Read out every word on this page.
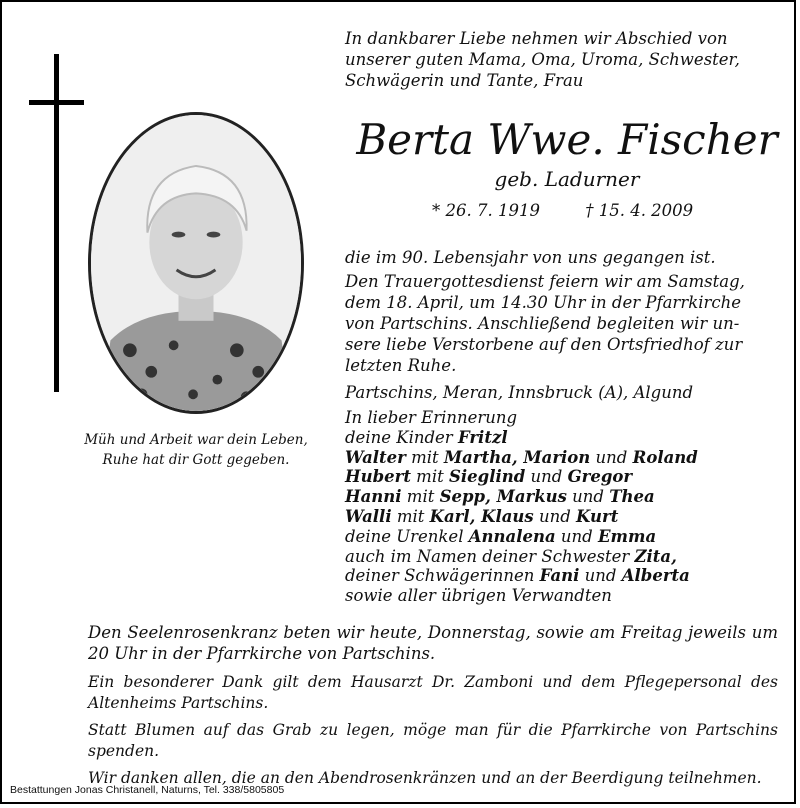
Müh und Arbeit war dein Leben,
Ruhe hat dir Gott gegeben.
In dankbarer Liebe nehmen wir Abschied von
unserer guten Mama, Oma, Uroma, Schwester,
Schwägerin und Tante, Frau
Berta Wwe. Fischer
geb. Ladurner
* 26. 7. 1919	† 15. 4. 2009

die im 90. Lebensjahr von uns gegangen ist.

Den Trauergottesdienst feiern wir am Samstag,
dem 18. April, um 14.30 Uhr in der Pfarrkirche
von Partschins. Anschließend begleiten wir un-
sere liebe Verstorbene auf den Ortsfriedhof zur
letzten Ruhe.

Partschins, Meran, Innsbruck (A), Algund

In lieber Erinnerung
deine Kinder Fritzl
Walter mit Martha, Marion und Roland
Hubert mit Sieglind und Gregor
Hanni mit Sepp, Markus und Thea
Walli mit Karl, Klaus und Kurt
deine Urenkel Annalena und Emma
auch im Namen deiner Schwester Zita,
deiner Schwägerinnen Fani und Alberta
sowie aller übrigen Verwandten

Den Seelenrosenkranz beten wir heute, Donnerstag, sowie am Freitag jeweils um 20 Uhr in der Pfarrkirche von Partschins.

Ein besonderer Dank gilt dem Hausarzt Dr. Zamboni und dem Pflegepersonal des Altenheims Partschins.

Statt Blumen auf das Grab zu legen, möge man für die Pfarrkirche von Partschins spenden.

Wir danken allen, die an den Abendrosenkränzen und an der Beerdigung teilnehmen.

Bestattungen Jonas Christanell, Naturns, Tel. 338/5805805
